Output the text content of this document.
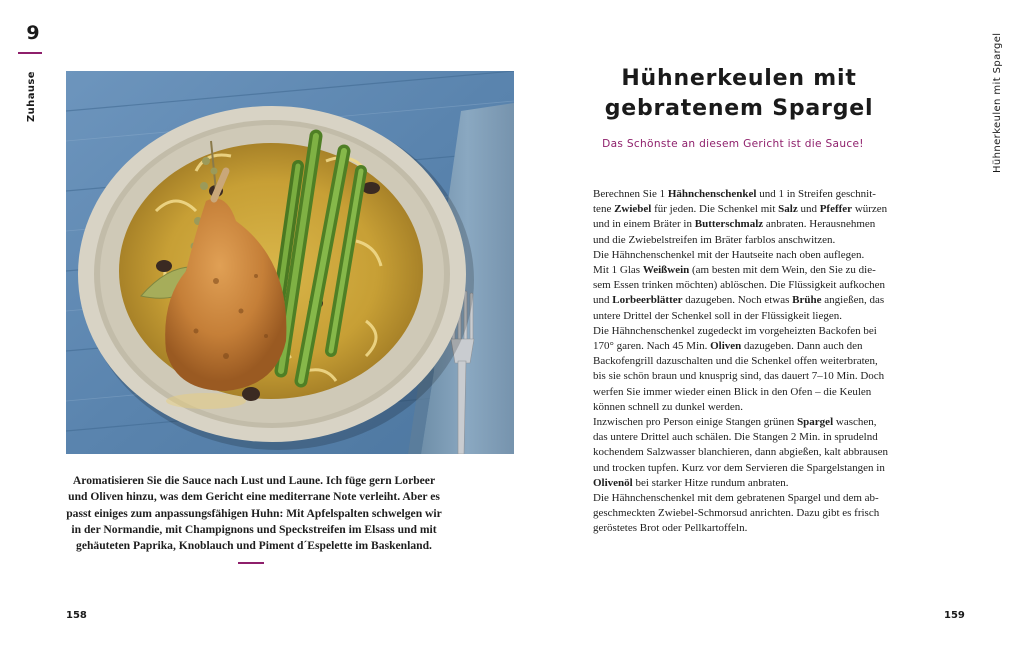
9
Zuhause
Aromatisieren Sie die Sauce nach Lust und Laune. Ich füge gern Lorbeer
und Oliven hinzu, was dem Gericht eine mediterrane Note verleiht. Aber es
passt einiges zum anpassungsfähigen Huhn: Mit Apfelspalten schwelgen wir
in der Normandie, mit Champignons und Speckstreifen im Elsass und mit
gehäuteten Paprika, Knoblauch und Piment d´Espelette im Baskenland.
158
Hühnerkeulen mit Spargel
Hühnerkeulen mit
gebratenem Spargel
Das Schönste an diesem Gericht ist die Sauce!
Berechnen Sie 1 Hähnchenschenkel und 1 in Streifen geschnit-
tene Zwiebel für jeden. Die Schenkel mit Salz und Pfeffer würzen
und in einem Bräter in Butterschmalz anbraten. Herausnehmen
und die Zwiebelstreifen im Bräter farblos anschwitzen.
Die Hähnchenschenkel mit der Hautseite nach oben auflegen.
Mit 1 Glas Weißwein (am besten mit dem Wein, den Sie zu die-
sem Essen trinken möchten) ablöschen. Die Flüssigkeit aufkochen
und Lorbeerblätter dazugeben. Noch etwas Brühe angießen, das
untere Drittel der Schenkel soll in der Flüssigkeit liegen.
Die Hähnchenschenkel zugedeckt im vorgeheizten Backofen bei
170° garen. Nach 45 Min. Oliven dazugeben. Dann auch den
Backofengrill dazuschalten und die Schenkel offen weiterbraten,
bis sie schön braun und knusprig sind, das dauert 7–10 Min. Doch
werfen Sie immer wieder einen Blick in den Ofen – die Keulen
können schnell zu dunkel werden.
Inzwischen pro Person einige Stangen grünen Spargel waschen,
das untere Drittel auch schälen. Die Stangen 2 Min. in sprudelnd
kochendem Salzwasser blanchieren, dann abgießen, kalt abbrausen
und trocken tupfen. Kurz vor dem Servieren die Spargelstangen in
Olivenöl bei starker Hitze rundum anbraten.
Die Hähnchenschenkel mit dem gebratenen Spargel und dem ab-
geschmeckten Zwiebel-Schmorsud anrichten. Dazu gibt es frisch
geröstetes Brot oder Pellkartoffeln.
159
